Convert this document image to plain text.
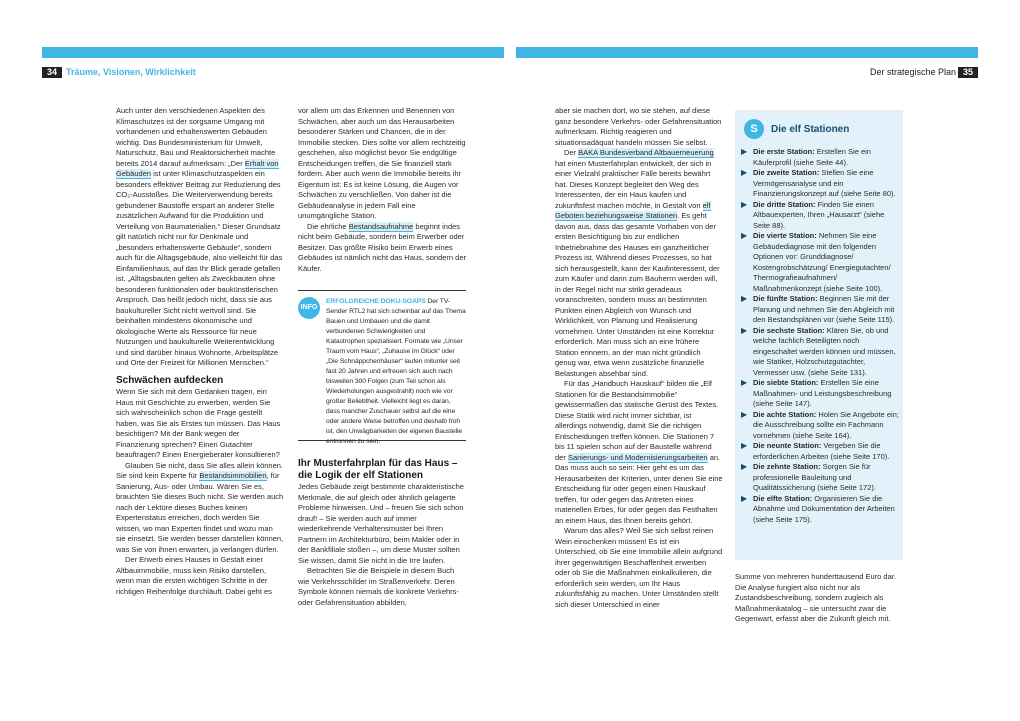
34	Träume, Visionen, Wirklichkeit	Der strategische Plan 35

Auch unter den verschiedenen Aspekten des Klimaschutzes ist der sorgsame Umgang mit vorhandenen und erhaltenswerten Gebäuden wichtig. Das Bundesministerium für Umwelt, Naturschutz, Bau und Reaktorsicherheit machte bereits 2014 darauf aufmerksam: „Der Erhalt von Gebäuden ist unter Klimaschutzaspekten ein besonders effektiver Beitrag zur Reduzierung des CO₂-Ausstoßes. Die Weiterverwendung bereits gebundener Baustoffe erspart an anderer Stelle zusätzlichen Aufwand für die Produktion und Verteilung von Baumaterialien.“ Dieser Grundsatz gilt natürlich nicht nur für Denkmale und „besonders erhaltenswerte Gebäude“, sondern auch für die Alltagsgebäude, also vielleicht für das Einfamilienhaus, auf das Ihr Blick gerade gefallen ist. „Alltagsbauten gelten als Zweckbauten ohne besonderen funktionalen oder baukünstlerischen Anspruch. Das heißt jedoch nicht, dass sie aus baukultureller Sicht nicht wertvoll sind. Sie beinhalten mindestens ökonomische und ökologische Werte als Ressource für neue Nutzungen und baukulturelle Weiterentwicklung und sind darüber hinaus Wohnorte, Arbeitsplätze und Orte der Freizeit für Millionen Menschen.“

Schwächen aufdecken

Wenn Sie sich mit dem Gedanken tragen, ein Haus mit Geschichte zu erwerben, werden Sie sich wahrscheinlich schon die Frage gestellt haben, was Sie als Erstes tun müssen. Das Haus besichtigen? Mit der Bank wegen der Finanzierung sprechen? Einen Gutachter beauftragen? Einen Energieberater konsultieren?

Glauben Sie nicht, dass Sie alles allein können. Sie sind kein Experte für Bestandsimmobilien, für Sanierung, Aus- oder Umbau. Wären Sie es, brauchten Sie dieses Buch nicht. Sie werden auch nach der Lektüre dieses Buches keinen Expertenstatus erreichen, doch werden Sie wissen, wo man Experten findet und wozu man sie einsetzt. Sie werden besser darstellen können, was Sie von ihnen erwarten, ja verlangen dürfen.

Der Erwerb eines Hauses in Gestalt einer Altbauimmobilie, muss kein Risiko darstellen, wenn man die ersten wichtigen Schritte in der richtigen Reihenfolge durchläuft. Dabei geht es

vor allem um das Erkennen und Benennen von Schwächen, aber auch um das Herausarbeiten besonderer Stärken und Chancen, die in der Immobilie stecken. Dies sollte vor allem rechtzeitig geschehen, also möglichst bevor Sie endgültige Entscheidungen treffen, die Sie finanziell stark fordern. Aber auch wenn die Immobilie bereits ihr Eigentum ist: Es ist keine Lösung, die Augen vor Schwächen zu verschließen. Von daher ist die Gebäudeanalyse in jedem Fall eine unumgängliche Station.

Die ehrliche Bestandsaufnahme beginnt indes nicht beim Gebäude, sondern beim Erwerber oder Besitzer. Das größte Risiko beim Erwerb eines Gebäudes ist nämlich nicht das Haus, sondern der Käufer.

INFO
ERFOLGREICHE DOKU-SOAPS Der TV-Sender RTL2 hat sich scheinbar auf das Thema Bauen und Umbauen und die damit verbundenen Schwierigkeiten und Katastrophen spezialisiert. Formate wie „Unser Traum vom Haus“, „Zuhause im Glück“ oder „Die Schnäppchenhäuser“ laufen mitunter seit fast 20 Jahren und erfreuen sich auch nach bisweilen 300 Folgen (zum Teil schon als Wiederholungen ausgestrahlt) noch wie vor großer Beliebtheit. Vielleicht liegt es daran, dass mancher Zuschauer selbst auf die eine oder andere Weise betroffen und deshalb froh ist, den Unwägbarkeiten der eigenen Baustelle entronnen zu sein.
Ihr Musterfahrplan für das Haus – die Logik der elf Stationen

Jedes Gebäude zeigt bestimmte charakteristische Merkmale, die auf gleich oder ähnlich gelagerte Probleme hinweisen. Und – freuen Sie sich schon drauf! – Sie werden auch auf immer wiederkehrende Verhaltensmuster bei Ihren Partnern im Architekturbüro, beim Makler oder in der Bankfiliale stoßen –, um diese Muster sollten Sie wissen, damit Sie nicht in die Irre laufen.

Betrachten Sie die Beispiele in diesem Buch wie Verkehrsschilder im Straßenverkehr. Deren Symbole können niemals die konkrete Verkehrs- oder Gefahrensituation abbilden,

aber sie machen dort, wo sie stehen, auf diese ganz besondere Verkehrs- oder Gefahrensituation aufmerksam. Richtig reagieren und situationsadäquat handeln müssen Sie selbst.

Der BAKA Bundesverband Altbauerneuerung hat einen Musterfahrplan entwickelt, der sich in einer Vielzahl praktischer Fälle bereits bewährt hat. Dieses Konzept begleitet den Weg des Interessenten, der ein Haus kaufen und zukunftsfest machen möchte, in Gestalt von elf Geboten beziehungsweise Stationen. Es geht davon aus, dass das gesamte Vorhaben von der ersten Besichtigung bis zur endlichen Inbetriebnahme des Hauses ein ganzheitlicher Prozess ist. Während dieses Prozesses, so hat sich herausgestellt, kann der Kaufinteressent, der zum Käufer und dann zum Bauherrn werden will, in der Regel nicht nur strikt geradeaus voranschreiten, sondern muss an bestimmten Punkten einen Abgleich von Wunsch und Wirklichkeit, von Planung und Realisierung vornehmen. Unter Umständen ist eine Korrektur erforderlich. Man muss sich an eine frühere Station erinnern, an der man nicht gründlich genug war, etwa wenn zusätzliche finanzielle Belastungen absehbar sind.

Für das „Handbuch Hauskauf“ bilden die „Elf Stationen für die Bestandsimmobilie“ gewissermaßen das statische Gerüst des Textes. Diese Statik wird nicht immer sichtbar, ist allerdings notwendig, damit Sie die richtigen Entscheidungen treffen können. Die Stationen 7 bis 11 spielen schon auf der Baustelle während der Sanierungs- und Modernisierungsarbeiten an. Das muss auch so sein: Hier geht es um das Herausarbeiten der Kriterien, unter denen Sie eine Entscheidung für oder gegen einen Hauskauf treffen, für oder gegen das Antreten eines materiellen Erbes, für oder gegen das Festhalten an einem Haus, das Ihnen bereits gehört.

Warum das alles? Weil Sie sich selbst reinen Wein einschenken müssen! Es ist ein Unterschied, ob Sie eine Immobilie allein aufgrund ihrer gegenwärtigen Beschaffenheit erwerben oder ob Sie die Maßnahmen einkalkulieren, die erforderlich sein werden, um Ihr Haus zukunftsfähig zu machen. Unter Umständen stellt sich dieser Unterschied in einer

S	Die elf Stationen
▶ Die erste Station: Erstellen Sie ein Käuferprofil (siehe Seite 44).
▶ Die zweite Station: Stellen Sie eine Vermögensanalyse und ein Finanzierungskonzept auf (siehe Seite 80).
▶ Die dritte Station: Finden Sie einen Altbauexperten, Ihren „Hausarzt“ (siehe Seite 88).
▶ Die vierte Station: Nehmen Sie eine Gebäudediagnose mit den folgenden Optionen vor: Grunddiagnose/ Kostengrobschätzung/ Energiegutachten/ Thermografieaufnahmen/ Maßnahmenkonzept (siehe Seite 100).
▶ Die fünfte Station: Beginnen Sie mit der Planung und nehmen Sie den Abgleich mit den Bestandsplänen vor (siehe Seite 115).
▶ Die sechste Station: Klären Sie, ob und welche fachlich Beteiligten noch eingeschaltet werden können und müssen, wie Statiker, Holzschutzgutachter, Vermesser usw. (siehe Seite 131).
▶ Die siebte Station: Erstellen Sie eine Maßnahmen- und Leistungsbeschreibung (siehe Seite 147).
▶ Die achte Station: Holen Sie Angebote ein; die Ausschreibung sollte ein Fachmann vornehmen (siehe Seite 164).
▶ Die neunte Station: Vergeben Sie die erforderlichen Arbeiten (siehe Seite 170).
▶ Die zehnte Station: Sorgen Sie für professionelle Bauleitung und Qualitätssicherung (siehe Seite 172).
▶ Die elfte Station: Organisieren Sie die Abnahme und Dokumentation der Arbeiten (siehe Seite 175).

Summe von mehreren hunderttausend Euro dar. Die Analyse fungiert also nicht nur als Zustandsbeschreibung, sondern zugleich als Maßnahmenkatalog – sie untersucht zwar die Gegenwart, erfasst aber die Zukunft gleich mit.
